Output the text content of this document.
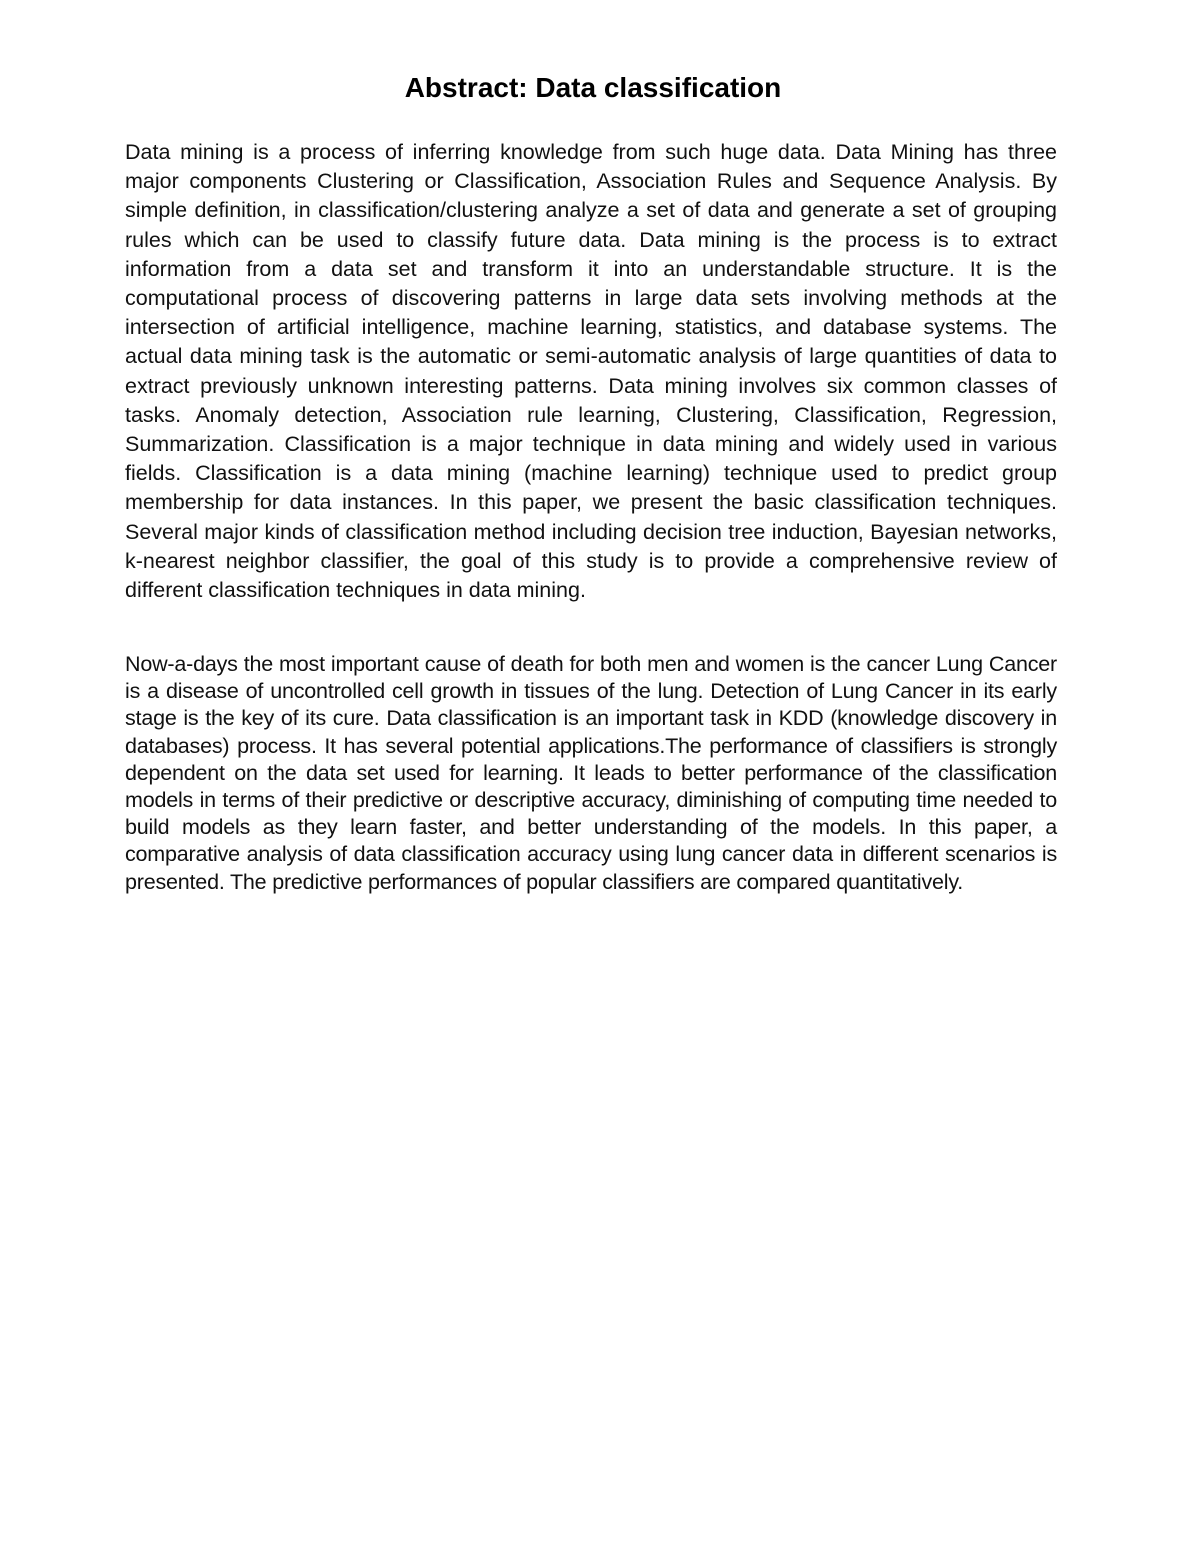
Abstract: Data classification

Data mining is a process of inferring knowledge from such huge data. Data Mining has three major components Clustering or Classification, Association Rules and Sequence Analysis. By simple definition, in classification/clustering analyze a set of data and generate a set of grouping rules which can be used to classify future data. Data mining is the process is to extract information from a data set and transform it into an understandable structure. It is the computational process of discovering patterns in large data sets involving methods at the intersection of artificial intelligence, machine learning, statistics, and database systems. The actual data mining task is the automatic or semi-automatic analysis of large quantities of data to extract previously unknown interesting patterns. Data mining involves six common classes of tasks. Anomaly detection, Association rule learning, Clustering, Classification, Regression, Summarization. Classification is a major technique in data mining and widely used in various fields. Classification is a data mining (machine learning) technique used to predict group membership for data instances. In this paper, we present the basic classification techniques. Several major kinds of classification method including decision tree induction, Bayesian networks, k-nearest neighbor classifier, the goal of this study is to provide a comprehensive review of different classification techniques in data mining.

Now-a-days the most important cause of death for both men and women is the cancer Lung Cancer is a disease of uncontrolled cell growth in tissues of the lung. Detection of Lung Cancer in its early stage is the key of its cure. Data classification is an important task in KDD (knowledge discovery in databases) process. It has several potential applications.The performance of classifiers is strongly dependent on the data set used for learning. It leads to better performance of the classification models in terms of their predictive or descriptive accuracy, diminishing of computing time needed to build models as they learn faster, and better understanding of the models. In this paper, a comparative analysis of data classification accuracy using lung cancer data in different scenarios is presented. The predictive performances of popular classifiers are compared quantitatively.
